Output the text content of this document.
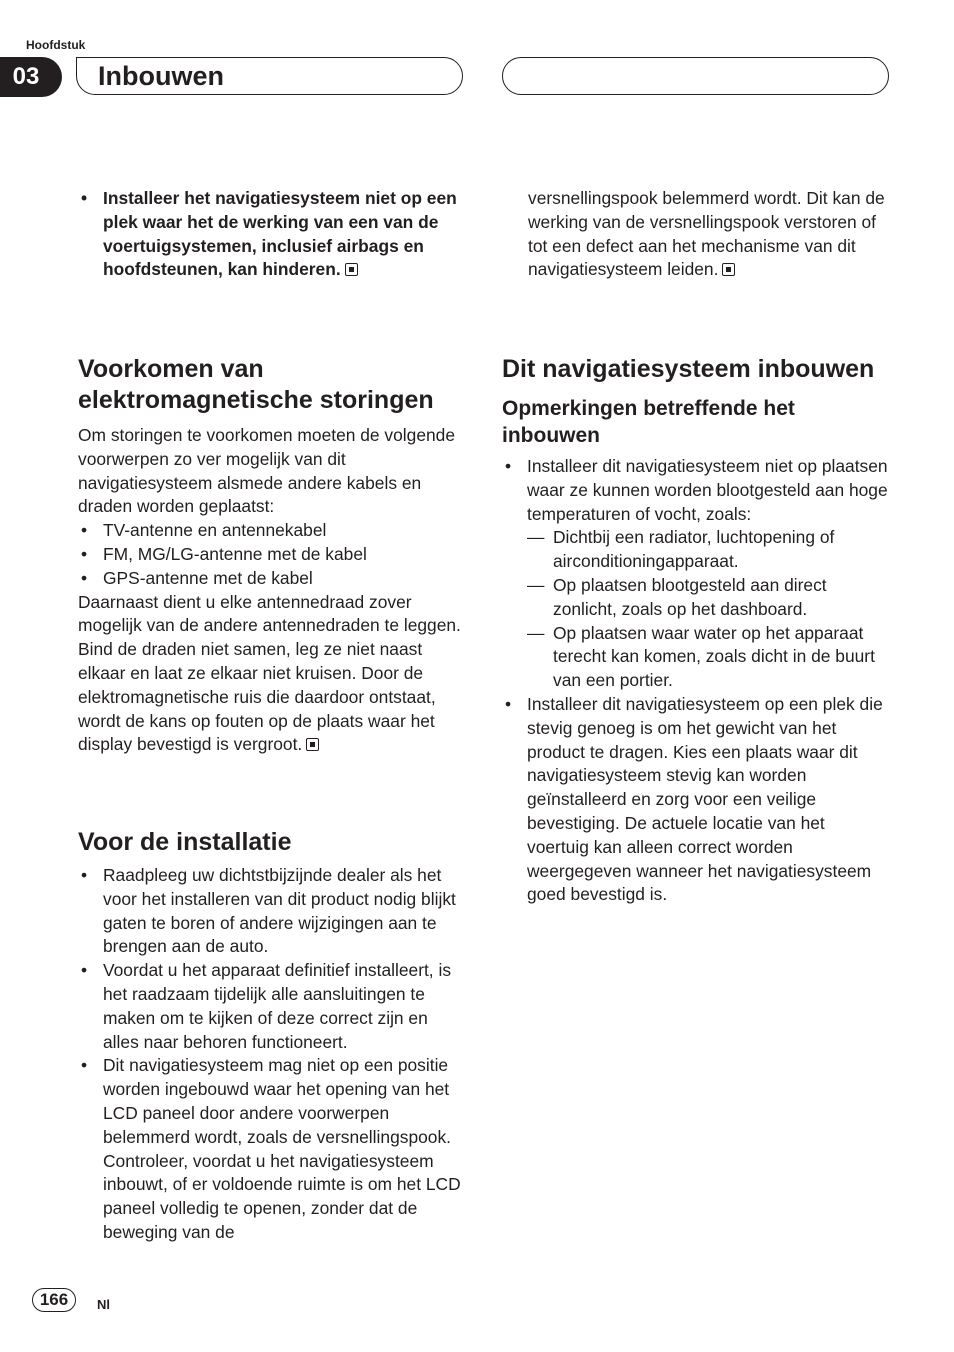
Hoofdstuk
03	Inbouwen
• Installeer het navigatiesysteem niet op een plek waar het de werking van een van de voertuigsystemen, inclusief airbags en hoofdsteunen, kan hinderen.
Voorkomen van elektromagnetische storingen

Om storingen te voorkomen moeten de volgende voorwerpen zo ver mogelijk van dit navigatiesysteem alsmede andere kabels en draden worden geplaatst:

• TV-antenne en antennekabel
• FM, MG/LG-antenne met de kabel
• GPS-antenne met de kabel

Daarnaast dient u elke antennedraad zover mogelijk van de andere antennedraden te leggen. Bind de draden niet samen, leg ze niet naast elkaar en laat ze elkaar niet kruisen. Door de elektromagnetische ruis die daardoor ontstaat, wordt de kans op fouten op de plaats waar het display bevestigd is vergroot.

Voor de installatie
• Raadpleeg uw dichtstbijzijnde dealer als het voor het installeren van dit product nodig blijkt gaten te boren of andere wijzigingen aan te brengen aan de auto.
• Voordat u het apparaat definitief installeert, is het raadzaam tijdelijk alle aansluitingen te maken om te kijken of deze correct zijn en alles naar behoren functioneert.
• Dit navigatiesysteem mag niet op een positie worden ingebouwd waar het opening van het LCD paneel door andere voorwerpen belemmerd wordt, zoals de versnellingspook. Controleer, voordat u het navigatiesysteem inbouwt, of er voldoende ruimte is om het LCD paneel volledig te openen, zonder dat de beweging van de

versnellingspook belemmerd wordt. Dit kan de werking van de versnellingspook verstoren of tot een defect aan het mechanisme van dit navigatiesysteem leiden.

Dit navigatiesysteem inbouwen
Opmerkingen betreffende het inbouwen
• Installeer dit navigatiesysteem niet op plaatsen waar ze kunnen worden blootgesteld aan hoge temperaturen of vocht, zoals:
— Dichtbij een radiator, luchtopening of airconditioningapparaat.
— Op plaatsen blootgesteld aan direct zonlicht, zoals op het dashboard.
— Op plaatsen waar water op het apparaat terecht kan komen, zoals dicht in de buurt van een portier.
• Installeer dit navigatiesysteem op een plek die stevig genoeg is om het gewicht van het product te dragen. Kies een plaats waar dit navigatiesysteem stevig kan worden geïnstalleerd en zorg voor een veilige bevestiging. De actuele locatie van het voertuig kan alleen correct worden weergegeven wanneer het navigatiesysteem goed bevestigd is.
166	Nl
